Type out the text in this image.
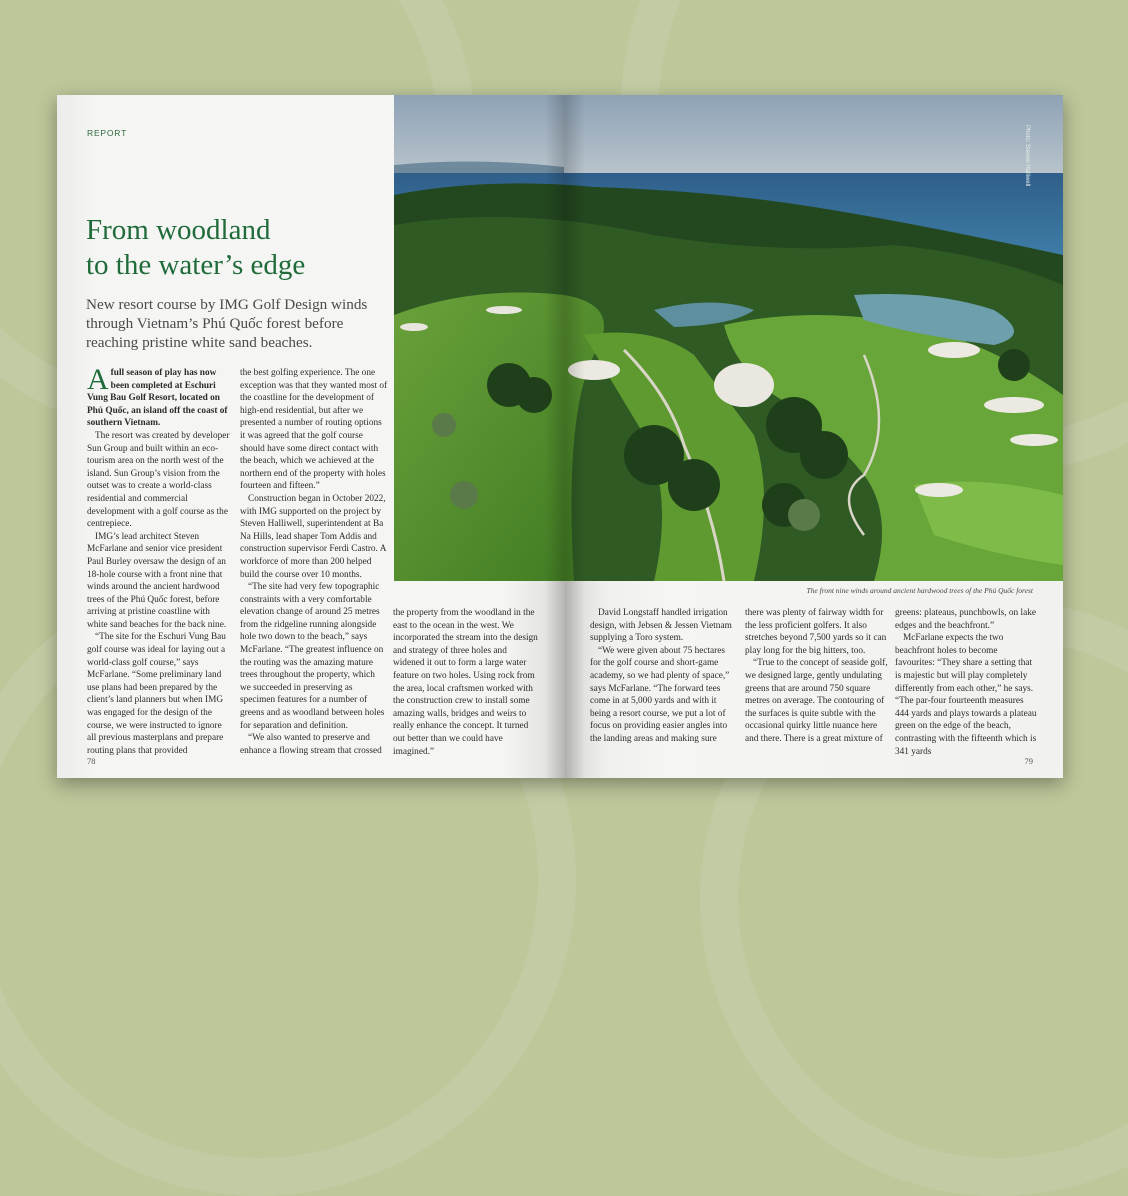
REPORT
From woodland
to the water’s edge
New resort course by IMG Golf Design winds through Vietnam’s Phú Quốc forest before reaching pristine white sand beaches.

A full season of play has now been completed at Eschuri Vung Bau Golf Resort, located on Phú Quốc, an island off the coast of southern Vietnam.

The resort was created by developer Sun Group and built within an eco-tourism area on the north west of the island. Sun Group’s vision from the outset was to create a world-class residential and commercial development with a golf course as the centrepiece.

IMG’s lead architect Steven McFarlane and senior vice president Paul Burley oversaw the design of an 18-hole course with a front nine that winds around the ancient hardwood trees of the Phú Quốc forest, before arriving at pristine coastline with white sand beaches for the back nine.

“The site for the Eschuri Vung Bau golf course was ideal for laying out a world-class golf course,” says McFarlane. “Some preliminary land use plans had been prepared by the client’s land planners but when IMG was engaged for the design of the course, we were instructed to ignore all previous masterplans and prepare routing plans that provided

the best golfing experience. The one exception was that they wanted most of the coastline for the development of high-end residential, but after we presented a number of routing options it was agreed that the golf course should have some direct contact with the beach, which we achieved at the northern end of the property with holes fourteen and fifteen.”

Construction began in October 2022, with IMG supported on the project by Steven Halliwell, superintendent at Ba Na Hills, lead shaper Tom Addis and construction supervisor Ferdi Castro. A workforce of more than 200 helped build the course over 10 months.

“The site had very few topographic constraints with a very comfortable elevation change of around 25 metres from the ridgeline running alongside hole two down to the beach,” says McFarlane. “The greatest influence on the routing was the amazing mature trees throughout the property, which we succeeded in preserving as specimen features for a number of greens and as woodland between holes for separation and definition.

“We also wanted to preserve and enhance a flowing stream that crossed

the property from the woodland in the east to the ocean in the west. We incorporated the stream into the design and strategy of three holes and widened it out to form a large water feature on two holes. Using rock from the area, local craftsmen worked with the construction crew to install some amazing walls, bridges and weirs to really enhance the concept. It turned out better than we could have imagined.”

78

David Longstaff handled irrigation design, with Jebsen & Jessen Vietnam supplying a Toro system.

“We were given about 75 hectares for the golf course and short-game academy, so we had plenty of space,” says McFarlane. “The forward tees come in at 5,000 yards and with it being a resort course, we put a lot of focus on providing easier angles into the landing areas and making sure

there was plenty of fairway width for the less proficient golfers. It also stretches beyond 7,500 yards so it can play long for the big hitters, too.

“True to the concept of seaside golf, we designed large, gently undulating greens that are around 750 square metres on average. The contouring of the surfaces is quite subtle with the occasional quirky little nuance here and there. There is a great mixture of

greens: plateaus, punchbowls, on lake edges and the beachfront.”

McFarlane expects the two beachfront holes to become favourites: “They share a setting that is majestic but will play completely differently from each other,” he says. “The par-four fourteenth measures 444 yards and plays towards a plateau green on the edge of the beach, contrasting with the fifteenth which is 341 yards

The front nine winds around ancient hardwood trees of the Phú Quốc forest
79
Photo: Steven Halliwell
